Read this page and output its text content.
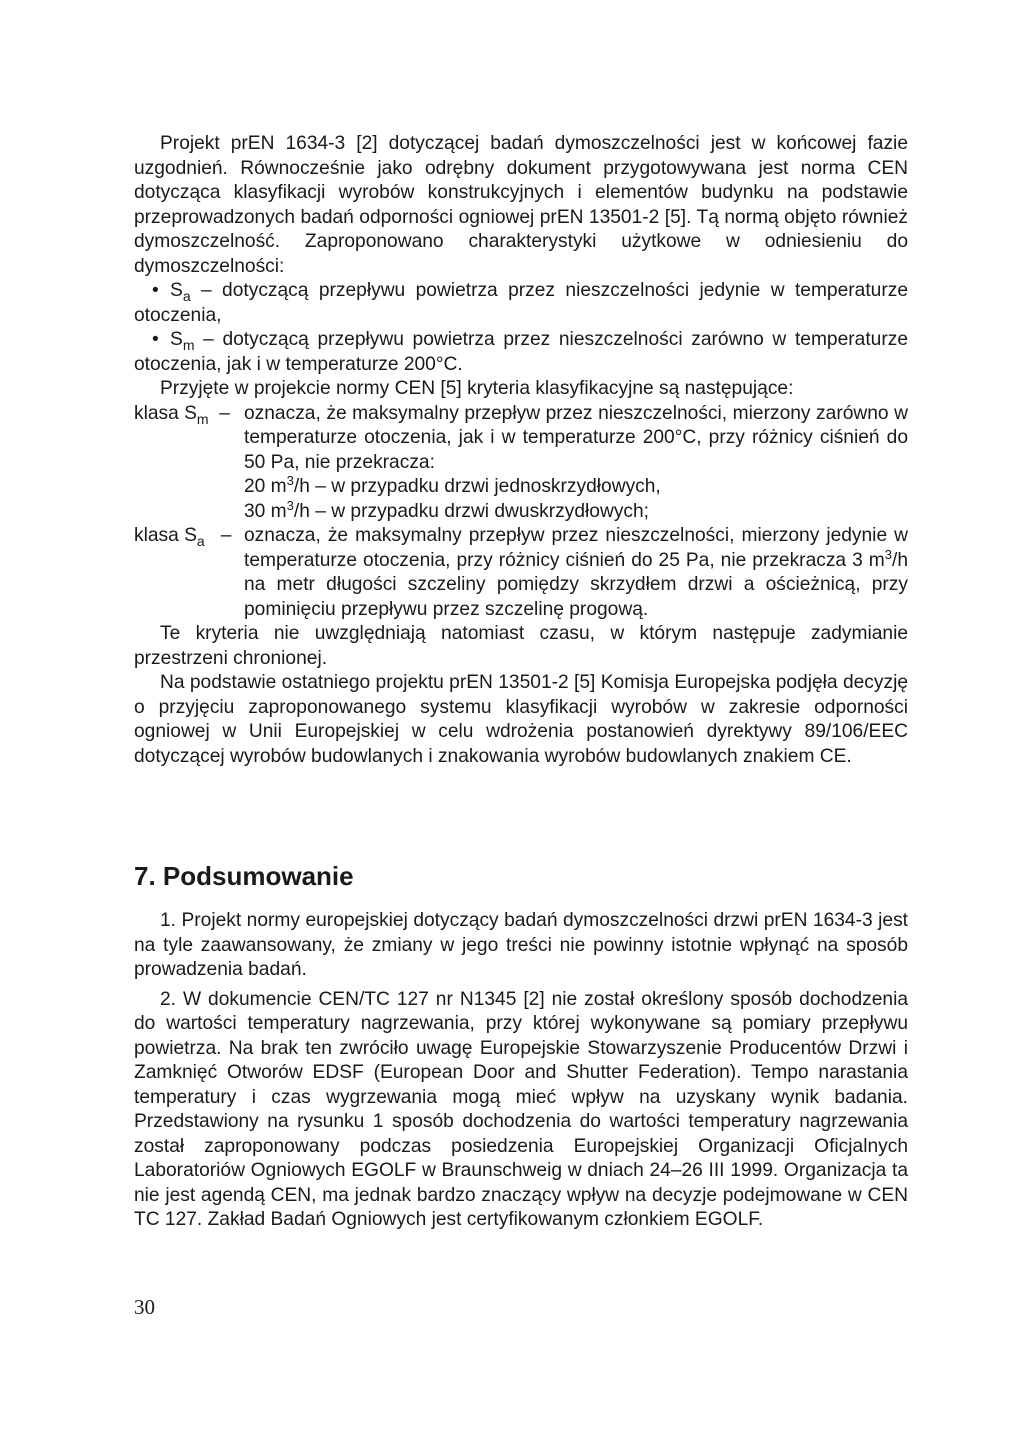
Projekt prEN 1634-3 [2] dotyczącej badań dymoszczelności jest w końcowej fazie uzgodnień. Równocześnie jako odrębny dokument przygotowywana jest norma CEN dotycząca klasyfikacji wyrobów konstrukcyjnych i elementów budynku na podstawie przeprowadzonych badań odporności ogniowej prEN 13501-2 [5]. Tą normą objęto również dymoszczelność. Zaproponowano charakterystyki użytkowe w odniesieniu do dymoszczelności:

• $S_a$ – dotyczącą przepływu powietrza przez nieszczelności jedynie w temperaturze otoczenia,

• $S_m$ – dotyczącą przepływu powietrza przez nieszczelności zarówno w temperaturze otoczenia, jak i w temperaturze 200°C.

Przyjęte w projekcie normy CEN [5] kryteria klasyfikacyjne są następujące:

klasa $S_m$ – oznacza, że maksymalny przepływ przez nieszczelności, mierzony zarówno w temperaturze otoczenia, jak i w temperaturze 200°C, przy różnicy ciśnień do 50 Pa, nie przekracza:
20 $m^3/h$ – w przypadku drzwi jednoskrzydłowych,
30 $m^3/h$ – w przypadku drzwi dwuskrzydłowych;
klasa $S_a$ – oznacza, że maksymalny przepływ przez nieszczelności, mierzony jedynie w temperaturze otoczenia, przy różnicy ciśnień do 25 Pa, nie przekracza 3 $m^3/h$ na metr długości szczeliny pomiędzy skrzydłem drzwi a ościeżnicą, przy pominięciu przepływu przez szczelinę progową.

Te kryteria nie uwzględniają natomiast czasu, w którym następuje zadymianie przestrzeni chronionej.

Na podstawie ostatniego projektu prEN 13501-2 [5] Komisja Europejska podjęła decyzję o przyjęciu zaproponowanego systemu klasyfikacji wyrobów w zakresie odporności ogniowej w Unii Europejskiej w celu wdrożenia postanowień dyrektywy 89/106/EEC dotyczącej wyrobów budowlanych i znakowania wyrobów budowlanych znakiem CE.

7. Podsumowanie

1. Projekt normy europejskiej dotyczący badań dymoszczelności drzwi prEN 1634-3 jest na tyle zaawansowany, że zmiany w jego treści nie powinny istotnie wpłynąć na sposób prowadzenia badań.

2. W dokumencie CEN/TC 127 nr N1345 [2] nie został określony sposób dochodzenia do wartości temperatury nagrzewania, przy której wykonywane są pomiary przepływu powietrza. Na brak ten zwróciło uwagę Europejskie Stowarzyszenie Producentów Drzwi i Zamknięć Otworów EDSF (European Door and Shutter Federation). Tempo narastania temperatury i czas wygrzewania mogą mieć wpływ na uzyskany wynik badania. Przedstawiony na rysunku 1 sposób dochodzenia do wartości temperatury nagrzewania został zaproponowany podczas posiedzenia Europejskiej Organizacji Oficjalnych Laboratoriów Ogniowych EGOLF w Braunschweig w dniach 24–26 III 1999. Organizacja ta nie jest agendą CEN, ma jednak bardzo znaczący wpływ na decyzje podejmowane w CEN TC 127. Zakład Badań Ogniowych jest certyfikowanym członkiem EGOLF.

30
